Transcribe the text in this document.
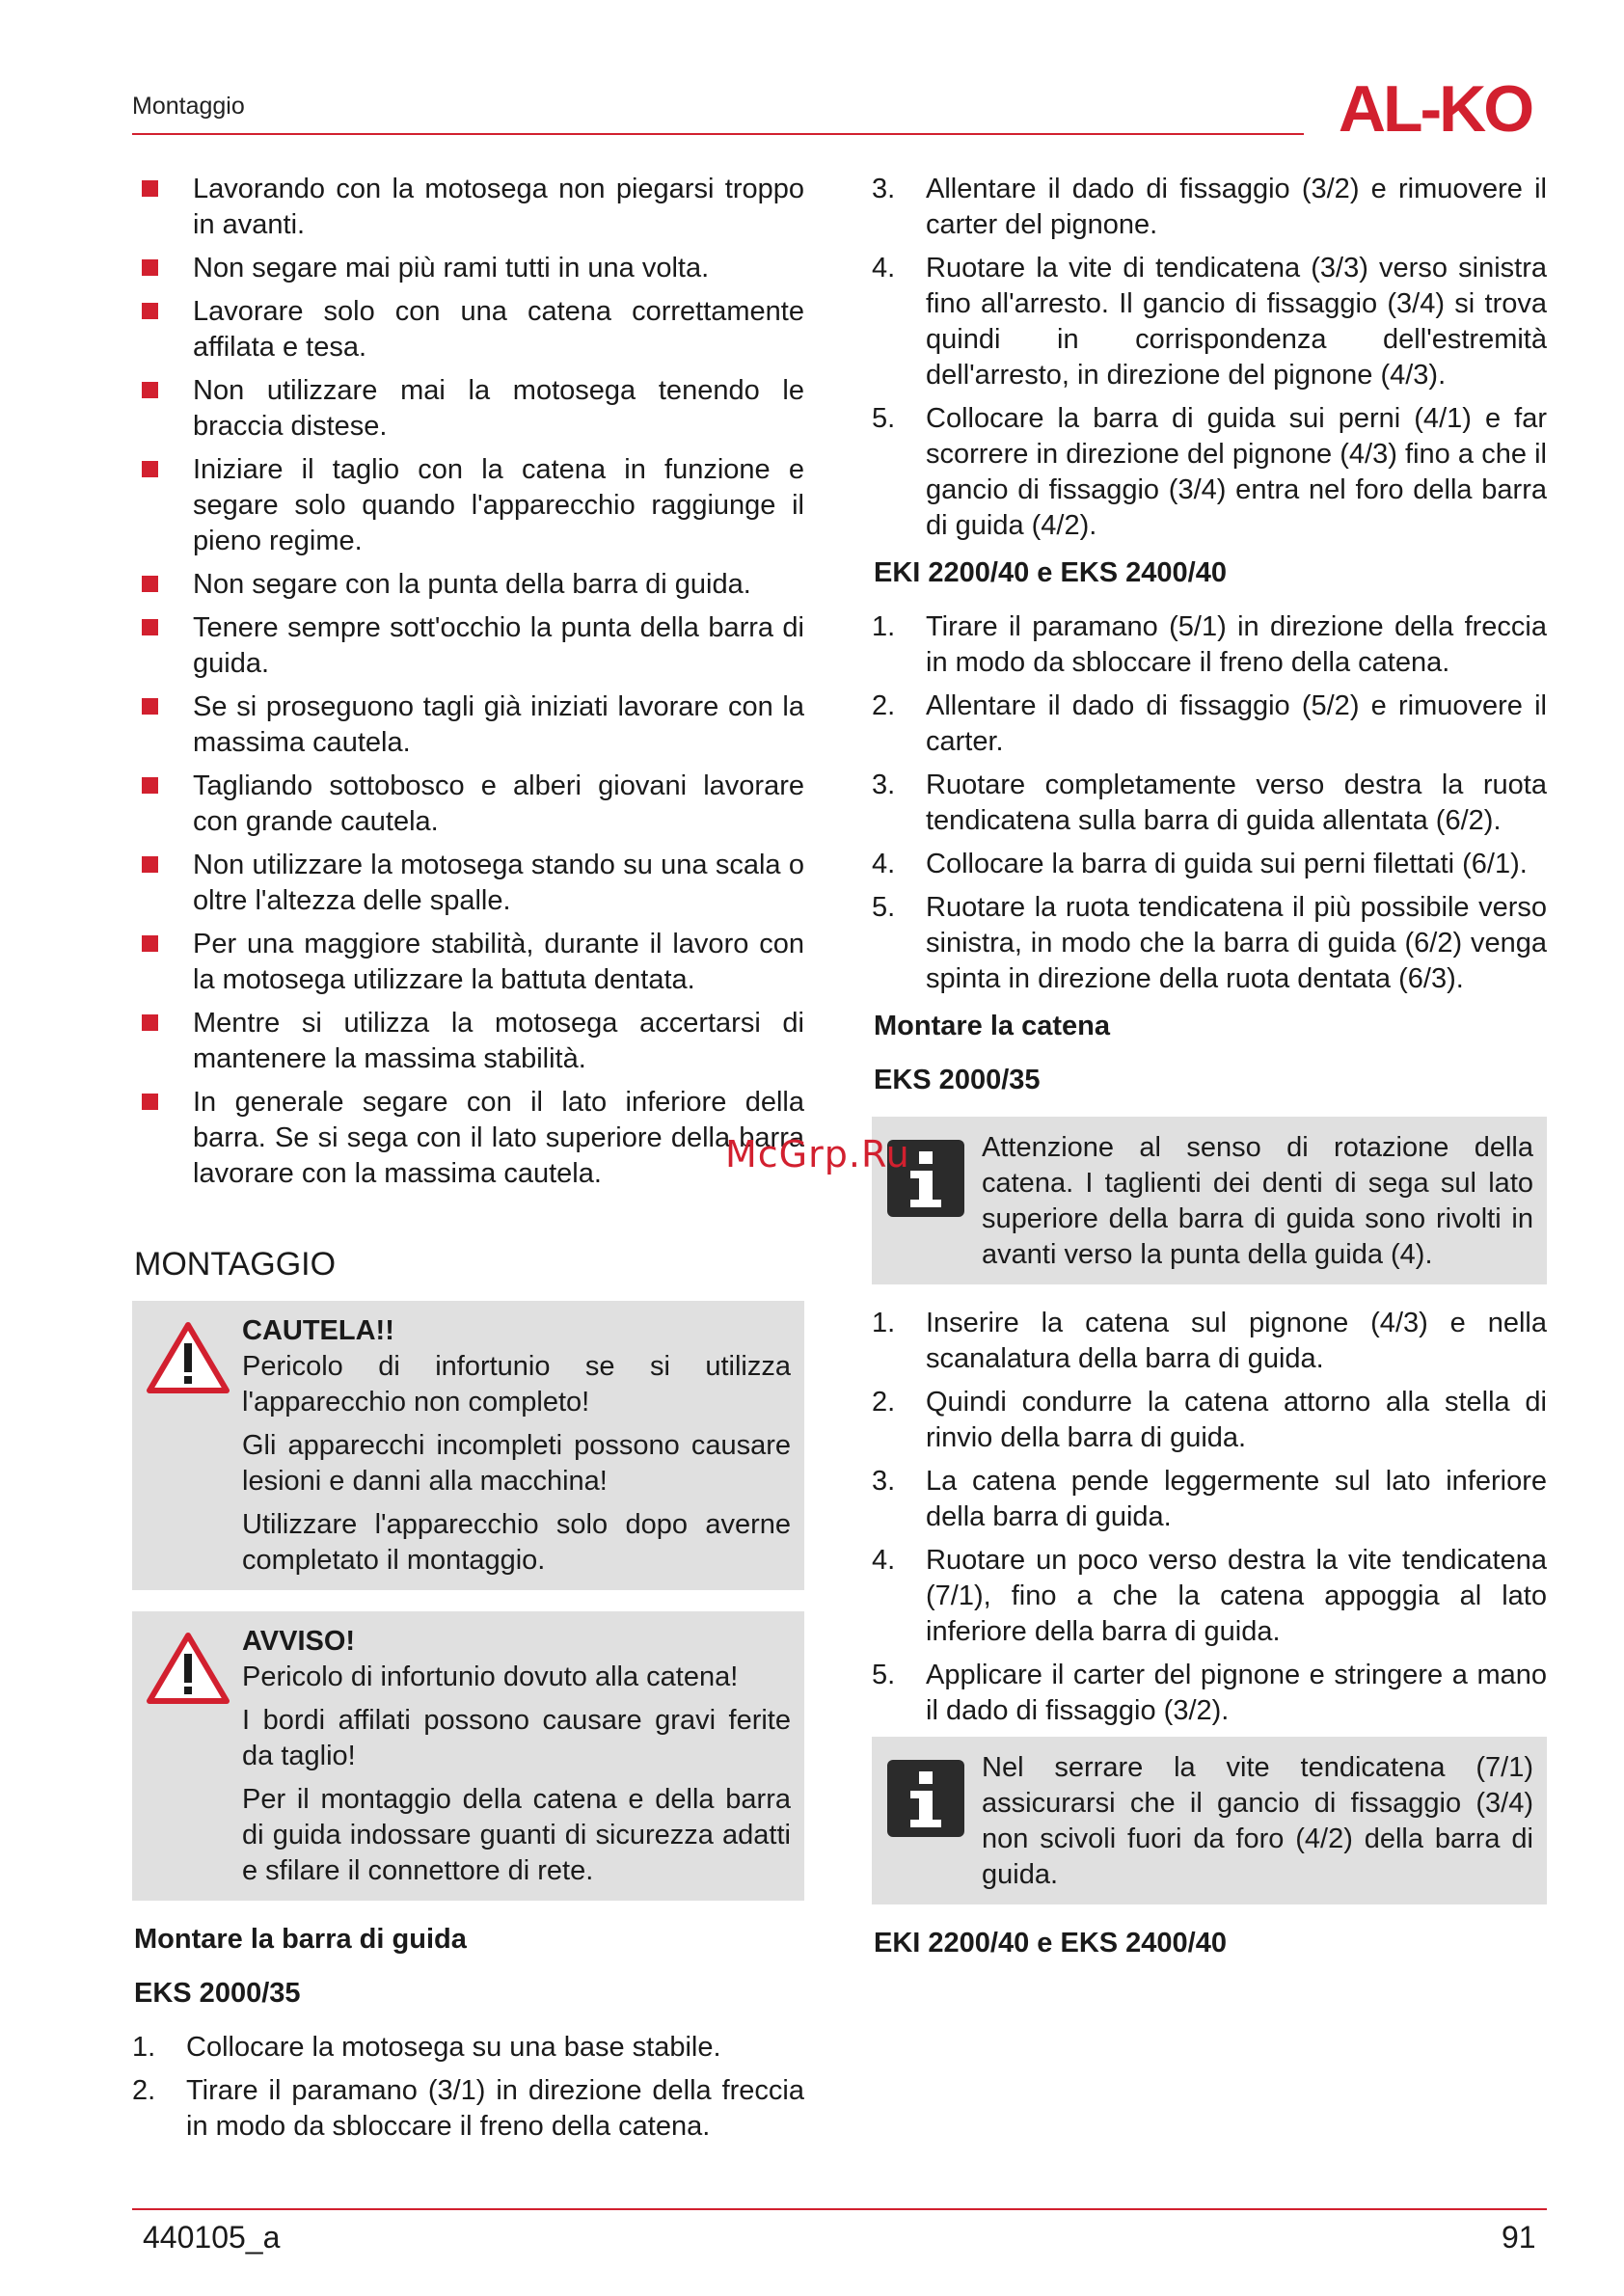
Montaggio	AL-KO
Lavorando con la motosega non piegarsi troppo in avanti.
Non segare mai più rami tutti in una volta.
Lavorare solo con una catena correttamente affilata e tesa.
Non utilizzare mai la motosega tenendo le braccia distese.
Iniziare il taglio con la catena in funzione e segare solo quando l'apparecchio raggiunge il pieno regime.
Non segare con la punta della barra di guida.
Tenere sempre sott'occhio la punta della barra di guida.
Se si proseguono tagli già iniziati lavorare con la massima cautela.
Tagliando sottobosco e alberi giovani lavorare con grande cautela.
Non utilizzare la motosega stando su una scala o oltre l'altezza delle spalle.
Per una maggiore stabilità, durante il lavoro con la motosega utilizzare la battuta dentata.
Mentre si utilizza la motosega accertarsi di mantenere la massima stabilità.
In generale segare con il lato inferiore della barra. Se si sega con il lato superiore della barra lavorare con la massima cautela.
MONTAGGIO
CAUTELA!!

Pericolo di infortunio se si utilizza l'apparecchio non completo!

Gli apparecchi incompleti possono causare lesioni e danni alla macchina!

Utilizzare l'apparecchio solo dopo averne completato il montaggio.

AVVISO!

Pericolo di infortunio dovuto alla catena!

I bordi affilati possono causare gravi ferite da taglio!

Per il montaggio della catena e della barra di guida indossare guanti di sicurezza adatti e sfilare il connettore di rete.

Montare la barra di guida
EKS 2000/35
1. Collocare la motosega su una base stabile.
2. Tirare il paramano (3/1) in direzione della freccia in modo da sbloccare il freno della catena.
3. Allentare il dado di fissaggio (3/2) e rimuovere il carter del pignone.
4. Ruotare la vite di tendicatena (3/3) verso sinistra fino all'arresto. Il gancio di fissaggio (3/4) si trova quindi in corrispondenza dell'estremità dell'arresto, in direzione del pignone (4/3).
5. Collocare la barra di guida sui perni (4/1) e far scorrere in direzione del pignone (4/3) fino a che il gancio di fissaggio (3/4) entra nel foro della barra di guida (4/2).
EKI 2200/40 e EKS 2400/40
1. Tirare il paramano (5/1) in direzione della freccia in modo da sbloccare il freno della catena.
2. Allentare il dado di fissaggio (5/2) e rimuovere il carter.
3. Ruotare completamente verso destra la ruota tendicatena sulla barra di guida allentata (6/2).
4. Collocare la barra di guida sui perni filettati (6/1).
5. Ruotare la ruota tendicatena il più possibile verso sinistra, in modo che la barra di guida (6/2) venga spinta in direzione della ruota dentata (6/3).
Montare la catena
EKS 2000/35

Attenzione al senso di rotazione della catena. I taglienti dei denti di sega sul lato superiore della barra di guida sono rivolti in avanti verso la punta della guida (4).

1. Inserire la catena sul pignone (4/3) e nella scanalatura della barra di guida.
2. Quindi condurre la catena attorno alla stella di rinvio della barra di guida.
3. La catena pende leggermente sul lato inferiore della barra di guida.
4. Ruotare un poco verso destra la vite tendicatena (7/1), fino a che la catena appoggia al lato inferiore della barra di guida.
5. Applicare il carter del pignone e stringere a mano il dado di fissaggio (3/2).

Nel serrare la vite tendicatena (7/1) assicurarsi che il gancio di fissaggio (3/4) non scivoli fuori da foro (4/2) della barra di guida.

EKI 2200/40 e EKS 2400/40
McGrp.Ru
440105_a	91
